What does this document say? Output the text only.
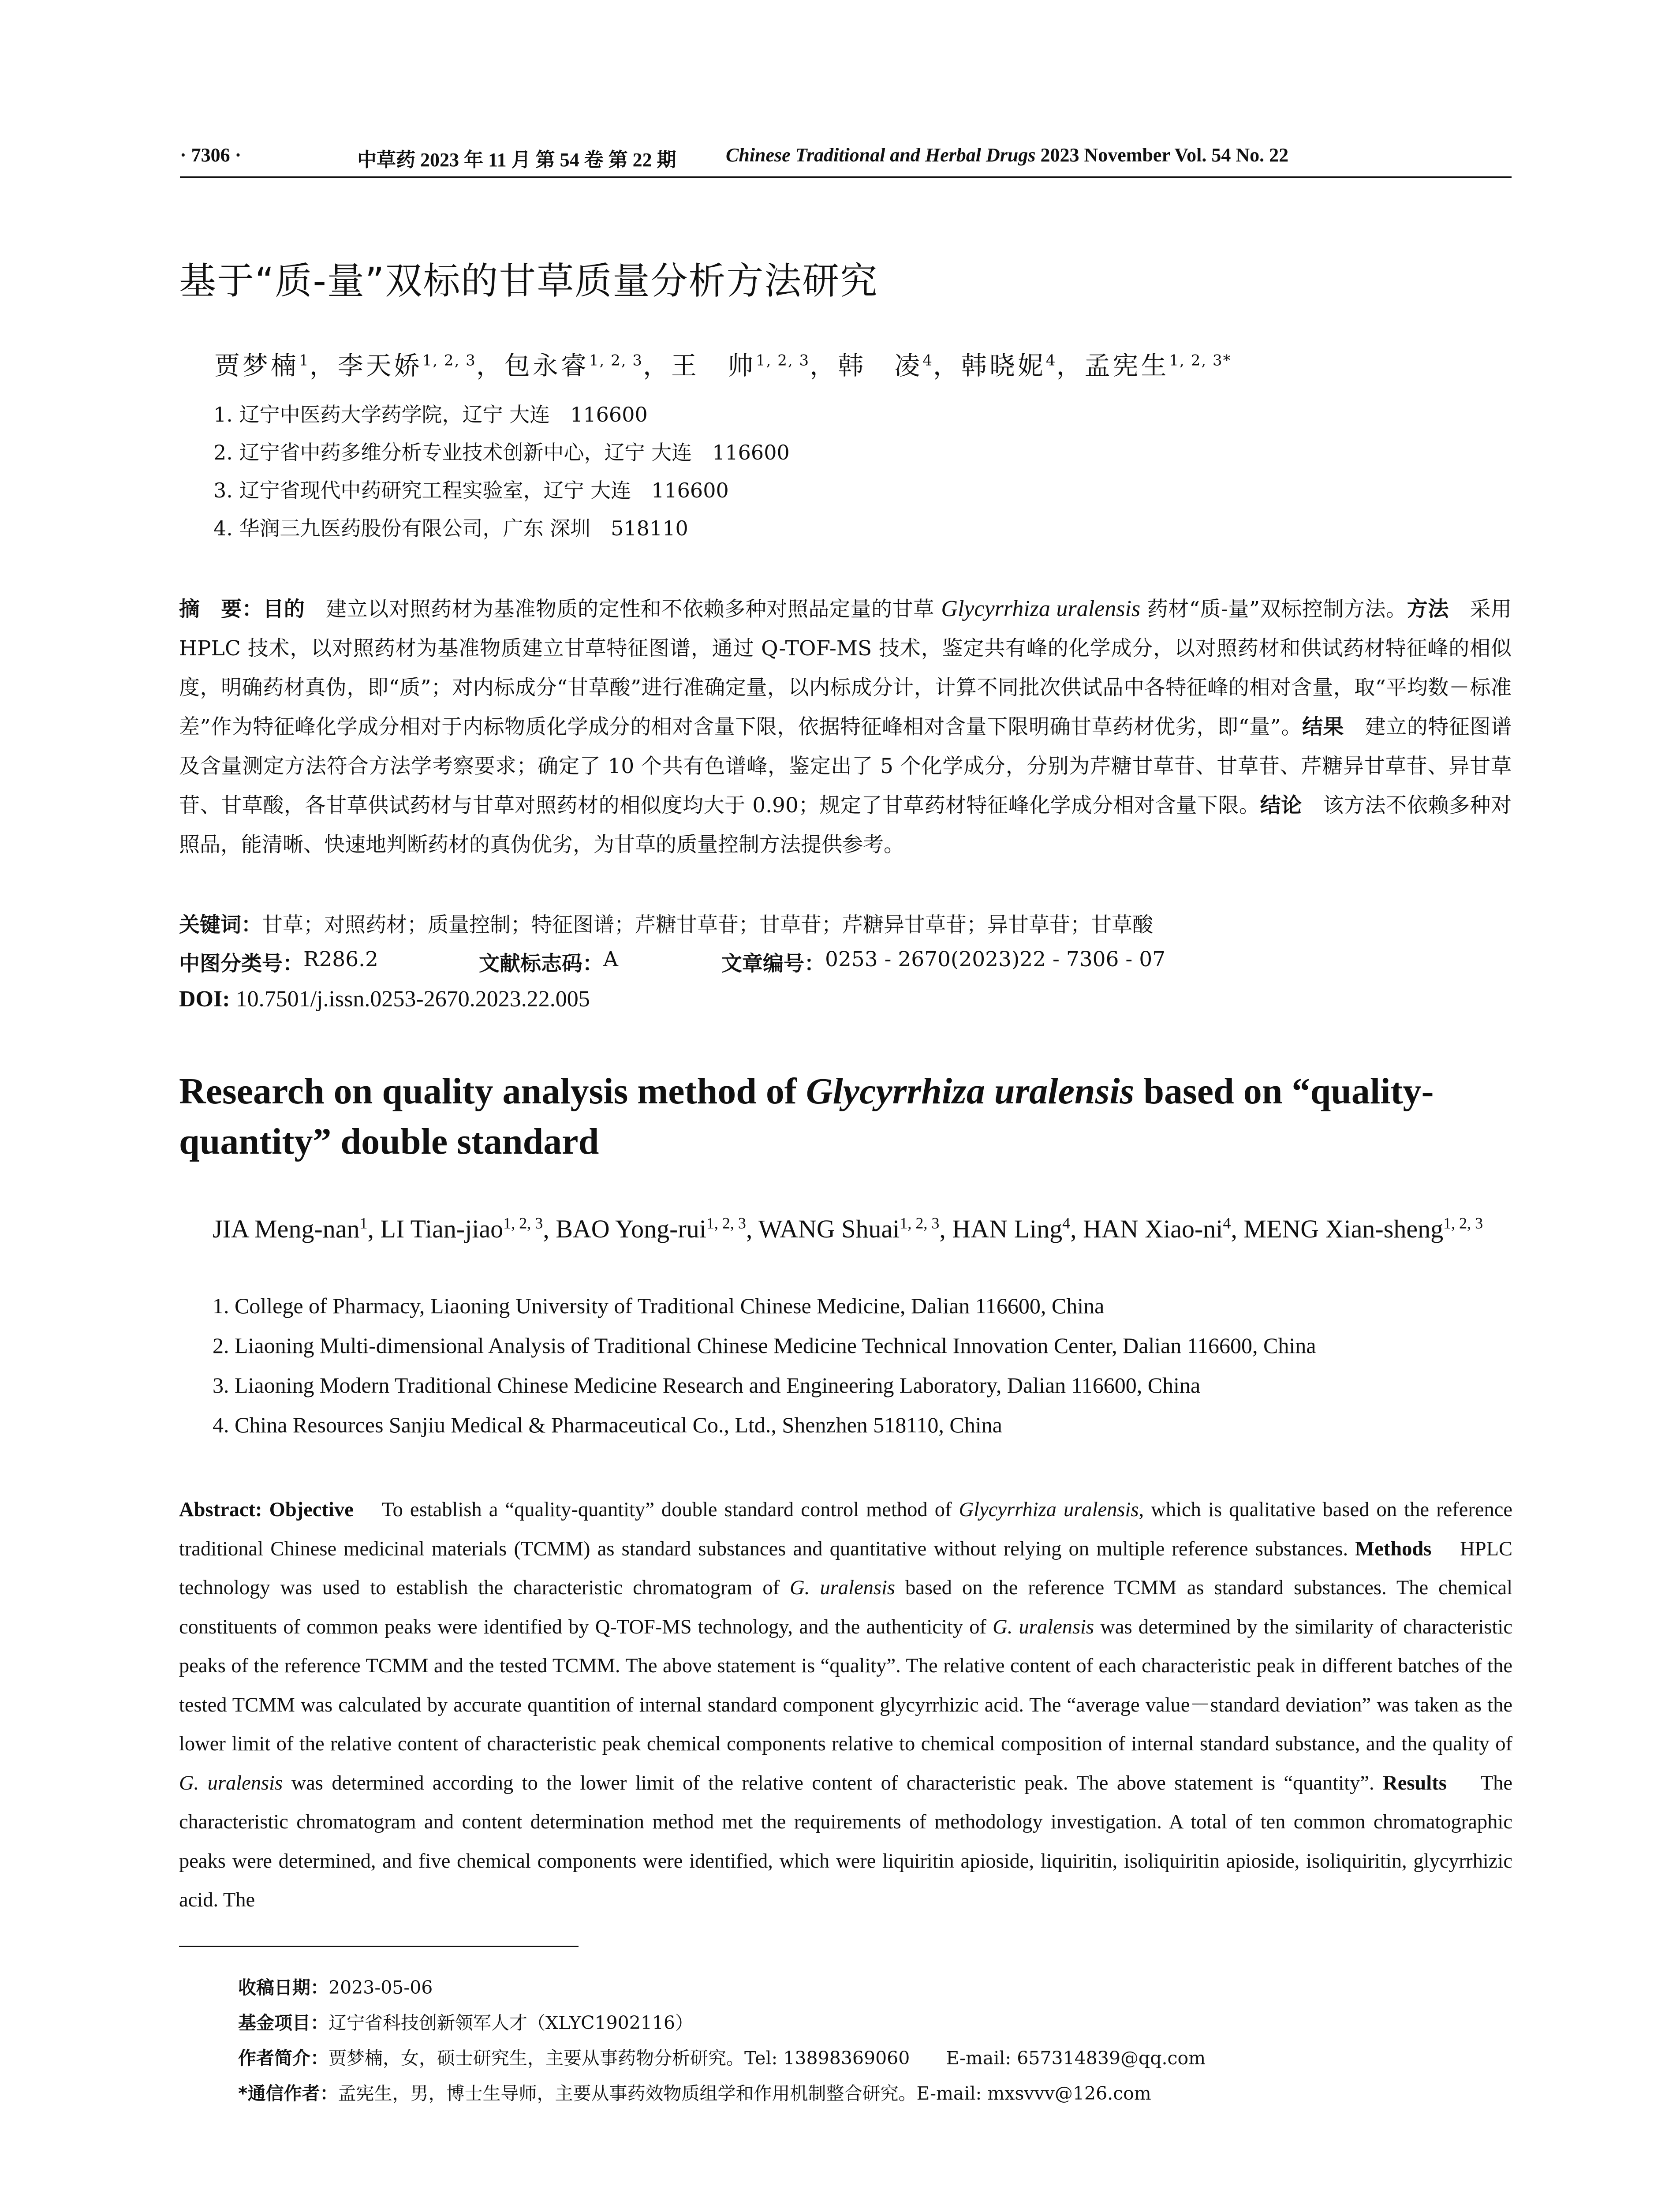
· 7306 ·	中草药 2023 年 11 月 第 54 卷 第 22 期	Chinese Traditional and Herbal Drugs 2023 November Vol. 54 No. 22
基于“质-量”双标的甘草质量分析方法研究
贾梦楠$^1$，李天娇$^{1, 2, 3}$，包永睿$^{1, 2, 3}$，王　帅$^{1, 2, 3}$，韩　凌$^4$，韩晓妮$^4$，孟宪生$^{1, 2, 3*}$
1. 辽宁中医药大学药学院，辽宁 大连　116600
2. 辽宁省中药多维分析专业技术创新中心，辽宁 大连　116600
3. 辽宁省现代中药研究工程实验室，辽宁 大连　116600
4. 华润三九医药股份有限公司，广东 深圳　518110
摘　要：目的　 建立以对照药材为基准物质的定性和不依赖多种对照品定量的甘草 Glycyrrhiza uralensis 药材“质-量”双标控制方法。方法　 采用 HPLC 技术，以对照药材为基准物质建立甘草特征图谱，通过 Q-TOF-MS 技术，鉴定共有峰的化学成分，以对照药材和供试药材特征峰的相似度，明确药材真伪，即“质”；对内标成分“甘草酸”进行准确定量，以内标成分计，计算不同批次供试品中各特征峰的相对含量，取“平均数－标准差”作为特征峰化学成分相对于内标物质化学成分的相对含量下限，依据特征峰相对含量下限明确甘草药材优劣，即“量”。结果　 建立的特征图谱及含量测定方法符合方法学考察要求；确定了 10 个共有色谱峰，鉴定出了 5 个化学成分，分别为芹糖甘草苷、甘草苷、芹糖异甘草苷、异甘草苷、甘草酸，各甘草供试药材与甘草对照药材的相似度均大于 0.90；规定了甘草药材特征峰化学成分相对含量下限。结论　 该方法不依赖多种对照品，能清晰、快速地判断药材的真伪优劣，为甘草的质量控制方法提供参考。
关键词：甘草；对照药材；质量控制；特征图谱；芹糖甘草苷；甘草苷；芹糖异甘草苷；异甘草苷；甘草酸
中图分类号： R286.2	文献标志码： A	文章编号： 0253 - 2670(2023)22 - 7306 - 07
DOI: 10.7501/j.issn.0253-2670.2023.22.005
Research on quality analysis method of Glycyrrhiza uralensis based on “quality-quantity” double standard
JIA Meng-nan$^1$, LI Tian-jiao$^{1, 2, 3}$, BAO Yong-rui$^{1, 2, 3}$, WANG Shuai$^{1, 2, 3}$, HAN Ling$^4$, HAN Xiao-$ni^4$, MENG Xian-sheng$^{1, 2, 3}$
1. College of Pharmacy, Liaoning University of Traditional Chinese Medicine, Dalian 116600, China
2. Liaoning Multi-dimensional Analysis of Traditional Chinese Medicine Technical Innovation Center, Dalian 116600, China
3. Liaoning Modern Traditional Chinese Medicine Research and Engineering Laboratory, Dalian 116600, China
4. China Resources Sanjiu Medical & Pharmaceutical Co., Ltd., Shenzhen 518110, China
Abstract: Objective To establish a “quality-quantity” double standard control method of Glycyrrhiza uralensis, which is qualitative based on the reference traditional Chinese medicinal materials (TCMM) as standard substances and quantitative without relying on multiple reference substances. Methods HPLC technology was used to establish the characteristic chromatogram of G. uralensis based on the reference TCMM as standard substances. The chemical constituents of common peaks were identified by Q-TOF-MS technology, and the authenticity of G. uralensis was determined by the similarity of characteristic peaks of the reference TCMM and the tested TCMM. The above statement is “quality”. The relative content of each characteristic peak in different batches of the tested TCMM was calculated by accurate quantition of internal standard component glycyrrhizic acid. The “average value－standard deviation” was taken as the lower limit of the relative content of characteristic peak chemical components relative to chemical composition of internal standard substance, and the quality of G. uralensis was determined according to the lower limit of the relative content of characteristic peak. The above statement is “quantity”. Results The characteristic chromatogram and content determination method met the requirements of methodology investigation. A total of ten common chromatographic peaks were determined, and five chemical components were identified, which were liquiritin apioside, liquiritin, isoliquiritin apioside, isoliquiritin, glycyrrhizic acid. The
收稿日期：2023-05-06
基金项目：辽宁省科技创新领军人才（XLYC1902116）
作者简介：贾梦楠，女，硕士研究生，主要从事药物分析研究。Tel: 13898369060　　E-mail: 657314839@qq.com
*通信作者：孟宪生，男，博士生导师，主要从事药效物质组学和作用机制整合研究。E-mail: mxsvvv@126.com
